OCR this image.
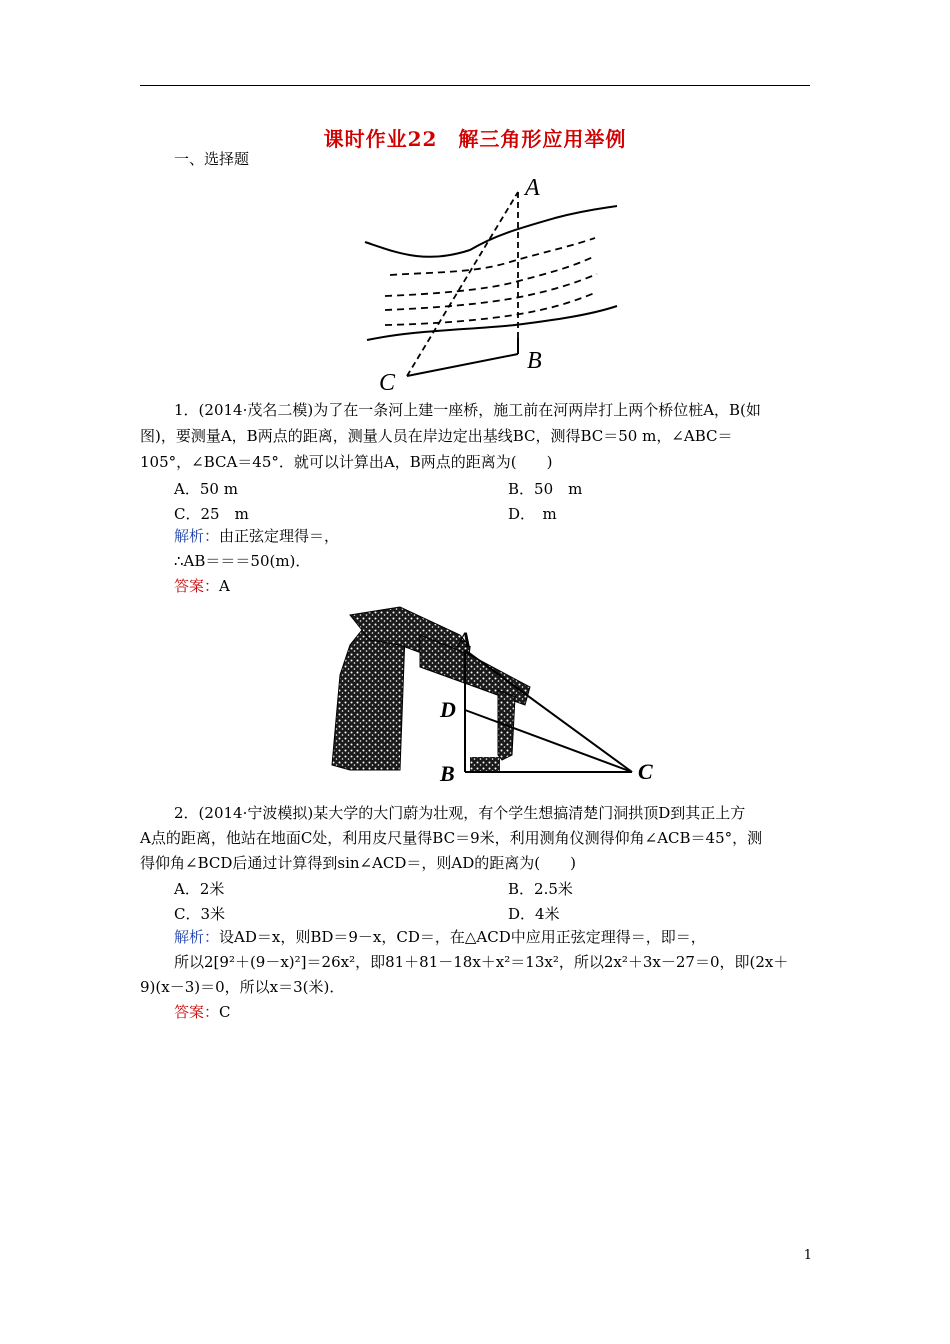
课时作业22　解三角形应用举例
一、选择题
A
B
C
1．(2014·茂名二模)为了在一条河上建一座桥，施工前在河两岸打上两个桥位桩A，B(如
图)，要测量A，B两点的距离，测量人员在岸边定出基线BC，测得BC＝50 m，∠ABC＝
105°，∠BCA＝45°．就可以计算出A，B两点的距离为(　　)
A．50 m	B．50　m
C．25　m	D．　m
解析：由正弦定理得＝，
∴AB＝＝＝50(m)．
答案：A
A
D
B	C
2．(2014·宁波模拟)某大学的大门蔚为壮观，有个学生想搞清楚门洞拱顶D到其正上方
A点的距离，他站在地面C处，利用皮尺量得BC＝9米，利用测角仪测得仰角∠ACB＝45°，测
得仰角∠BCD后通过计算得到sin∠ACD＝，则AD的距离为(　　)
A．2米	B．2.5米
C．3米	D．4米
解析：设AD＝x，则BD＝9－x，CD＝，在△ACD中应用正弦定理得＝，即＝，
所以2[9²＋(9－x)²]＝26x²，即81＋81－18x＋x²＝13x²，所以2x²＋3x－27＝0，即(2x＋
9)(x－3)＝0，所以x＝3(米)．
答案：C
1
